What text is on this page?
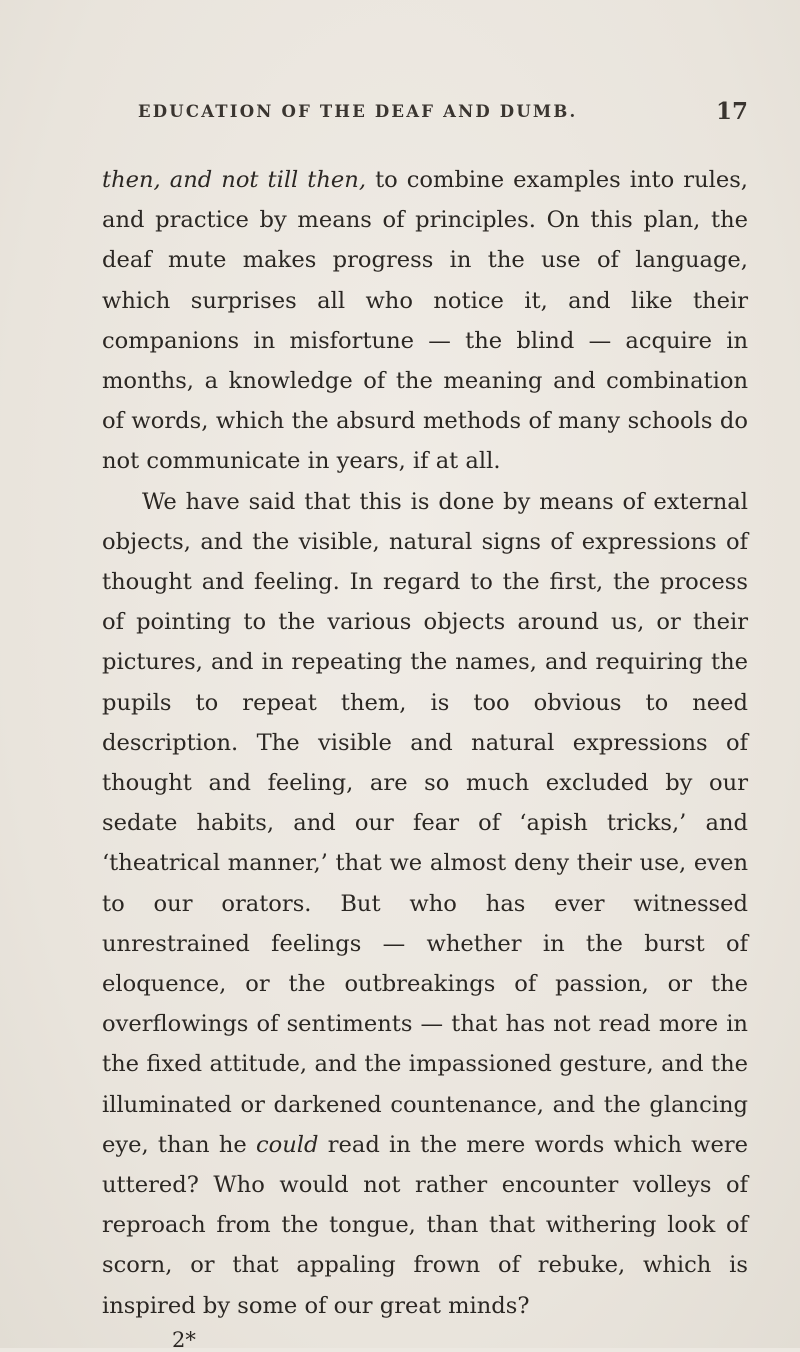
EDUCATION OF THE DEAF AND DUMB.	17

then, and not till then, to combine examples into rules, and practice by means of principles. On this plan, the deaf mute makes progress in the use of language, which surprises all who notice it, and like their companions in misfortune — the blind — acquire in months, a knowledge of the meaning and combination of words, which the absurd methods of many schools do not communicate in years, if at all.

We have said that this is done by means of external objects, and the visible, natural signs of expressions of thought and feeling. In regard to the first, the process of pointing to the various objects around us, or their pictures, and in repeating the names, and requiring the pupils to repeat them, is too obvious to need description. The visible and natural expressions of thought and feeling, are so much excluded by our sedate habits, and our fear of ‘apish tricks,’ and ‘theatrical manner,’ that we almost deny their use, even to our orators. But who has ever witnessed unrestrained feelings — whether in the burst of eloquence, or the outbreakings of passion, or the overflowings of sentiments — that has not read more in the fixed attitude, and the impassioned gesture, and the illuminated or darkened countenance, and the glancing eye, than he could read in the mere words which were uttered? Who would not rather encounter volleys of reproach from the tongue, than that withering look of scorn, or that appaling frown of rebuke, which is inspired by some of our great minds?

2*
